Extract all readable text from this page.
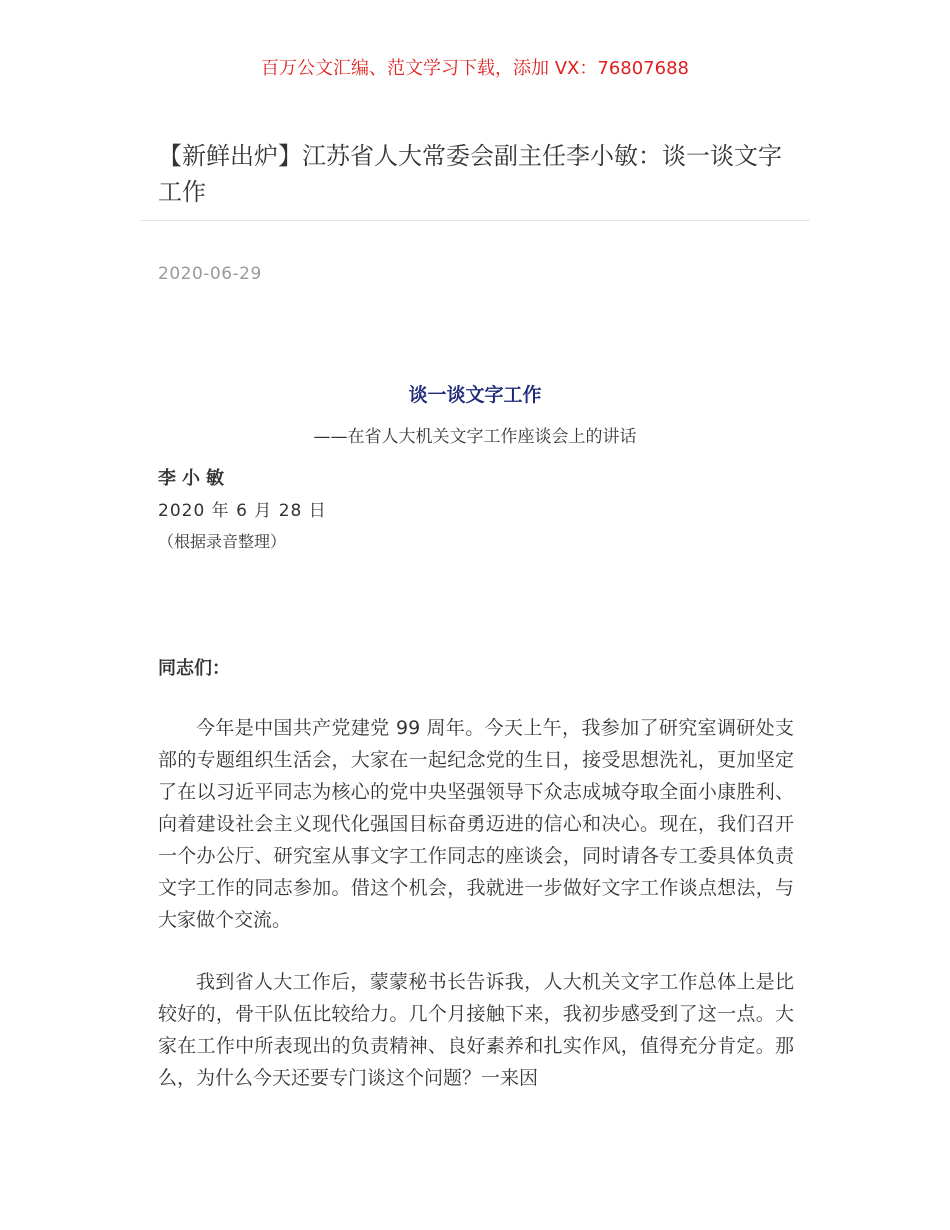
百万公文汇编、范文学习下载，添加 VX：76807688
【新鲜出炉】江苏省人大常委会副主任李小敏：谈一谈文字工作
2020-06-29
谈一谈文字工作
——在省人大机关文字工作座谈会上的讲话
李小敏
2020 年 6 月 28 日
（根据录音整理）
同志们：

今年是中国共产党建党 99 周年。今天上午，我参加了研究室调研处支部的专题组织生活会，大家在一起纪念党的生日，接受思想洗礼，更加坚定了在以习近平同志为核心的党中央坚强领导下众志成城夺取全面小康胜利、向着建设社会主义现代化强国目标奋勇迈进的信心和决心。现在，我们召开一个办公厅、研究室从事文字工作同志的座谈会，同时请各专工委具体负责文字工作的同志参加。借这个机会，我就进一步做好文字工作谈点想法，与大家做个交流。

我到省人大工作后，蒙蒙秘书长告诉我，人大机关文字工作总体上是比较好的，骨干队伍比较给力。几个月接触下来，我初步感受到了这一点。大家在工作中所表现出的负责精神、良好素养和扎实作风，值得充分肯定。那么，为什么今天还要专门谈这个问题？一来因
